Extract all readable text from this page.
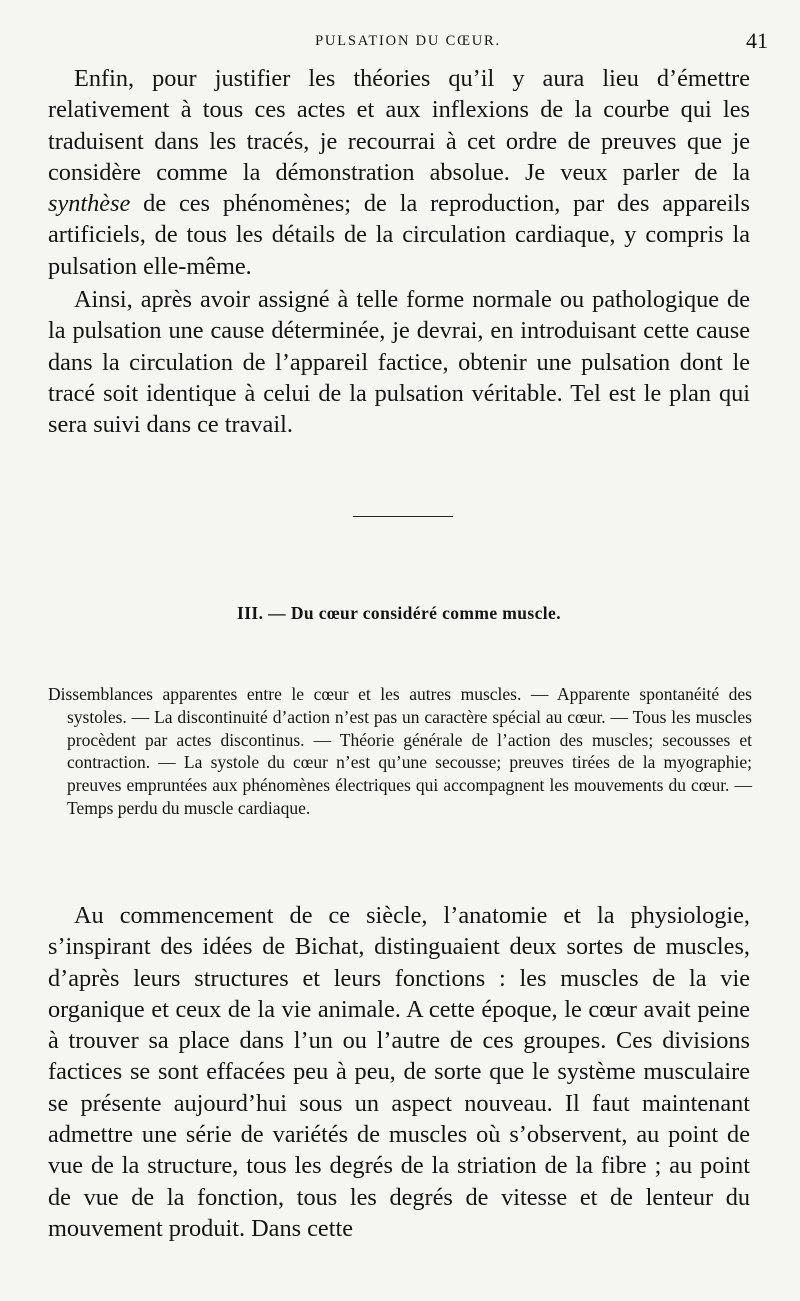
PULSATION DU CŒUR.	41

Enfin, pour justifier les théories qu’il y aura lieu d’émettre relativement à tous ces actes et aux inflexions de la courbe qui les traduisent dans les tracés, je recourrai à cet ordre de preuves que je considère comme la démonstration absolue. Je veux parler de la synthèse de ces phénomènes; de la reproduction, par des appareils artificiels, de tous les détails de la circulation cardiaque, y compris la pulsation elle-même.

Ainsi, après avoir assigné à telle forme normale ou pathologique de la pulsation une cause déterminée, je devrai, en introduisant cette cause dans la circulation de l’appareil factice, obtenir une pulsation dont le tracé soit identique à celui de la pulsation véritable. Tel est le plan qui sera suivi dans ce travail.

III. — Du cœur considéré comme muscle.

Dissemblances apparentes entre le cœur et les autres muscles. — Apparente spontanéité des systoles. — La discontinuité d’action n’est pas un caractère spécial au cœur. — Tous les muscles procèdent par actes discontinus. — Théorie générale de l’action des muscles; secousses et contraction. — La systole du cœur n’est qu’une secousse; preuves tirées de la myographie; preuves empruntées aux phénomènes électriques qui accompagnent les mouvements du cœur. — Temps perdu du muscle cardiaque.

Au commencement de ce siècle, l’anatomie et la physiologie, s’inspirant des idées de Bichat, distinguaient deux sortes de muscles, d’après leurs structures et leurs fonctions : les muscles de la vie organique et ceux de la vie animale. A cette époque, le cœur avait peine à trouver sa place dans l’un ou l’autre de ces groupes. Ces divisions factices se sont effacées peu à peu, de sorte que le système musculaire se présente aujourd’hui sous un aspect nouveau. Il faut maintenant admettre une série de variétés de muscles où s’observent, au point de vue de la structure, tous les degrés de la striation de la fibre ; au point de vue de la fonction, tous les degrés de vitesse et de lenteur du mouvement produit. Dans cette
